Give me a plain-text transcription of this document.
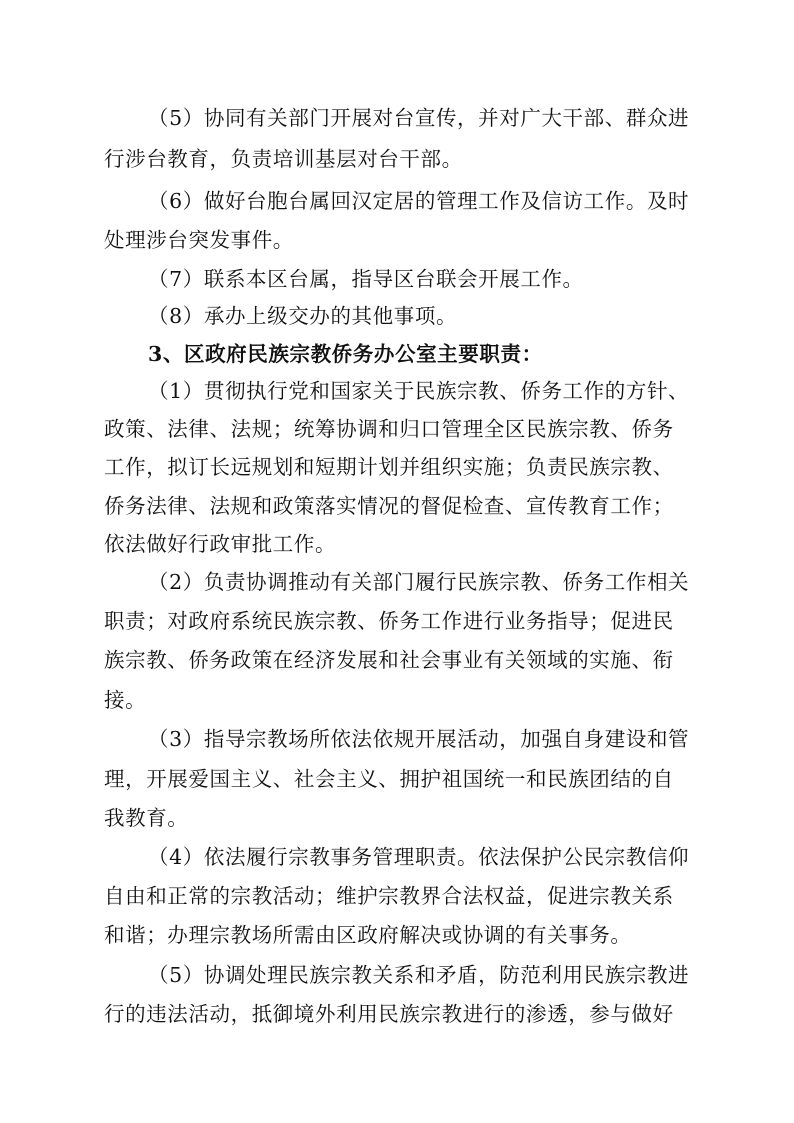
（5）协同有关部门开展对台宣传，并对广大干部、群众进
行涉台教育，负责培训基层对台干部。
（6）做好台胞台属回汉定居的管理工作及信访工作。及时
处理涉台突发事件。
（7）联系本区台属，指导区台联会开展工作。
（8）承办上级交办的其他事项。
3、区政府民族宗教侨务办公室主要职责：
（1）贯彻执行党和国家关于民族宗教、侨务工作的方针、
政策、法律、法规；统筹协调和归口管理全区民族宗教、侨务
工作，拟订长远规划和短期计划并组织实施；负责民族宗教、
侨务法律、法规和政策落实情况的督促检查、宣传教育工作；
依法做好行政审批工作。
（2）负责协调推动有关部门履行民族宗教、侨务工作相关
职责；对政府系统民族宗教、侨务工作进行业务指导；促进民
族宗教、侨务政策在经济发展和社会事业有关领域的实施、衔
接。
（3）指导宗教场所依法依规开展活动，加强自身建设和管
理，开展爱国主义、社会主义、拥护祖国统一和民族团结的自
我教育。
（4）依法履行宗教事务管理职责。依法保护公民宗教信仰
自由和正常的宗教活动；维护宗教界合法权益，促进宗教关系
和谐；办理宗教场所需由区政府解决或协调的有关事务。
（5）协调处理民族宗教关系和矛盾，防范利用民族宗教进
行的违法活动，抵御境外利用民族宗教进行的渗透，参与做好
